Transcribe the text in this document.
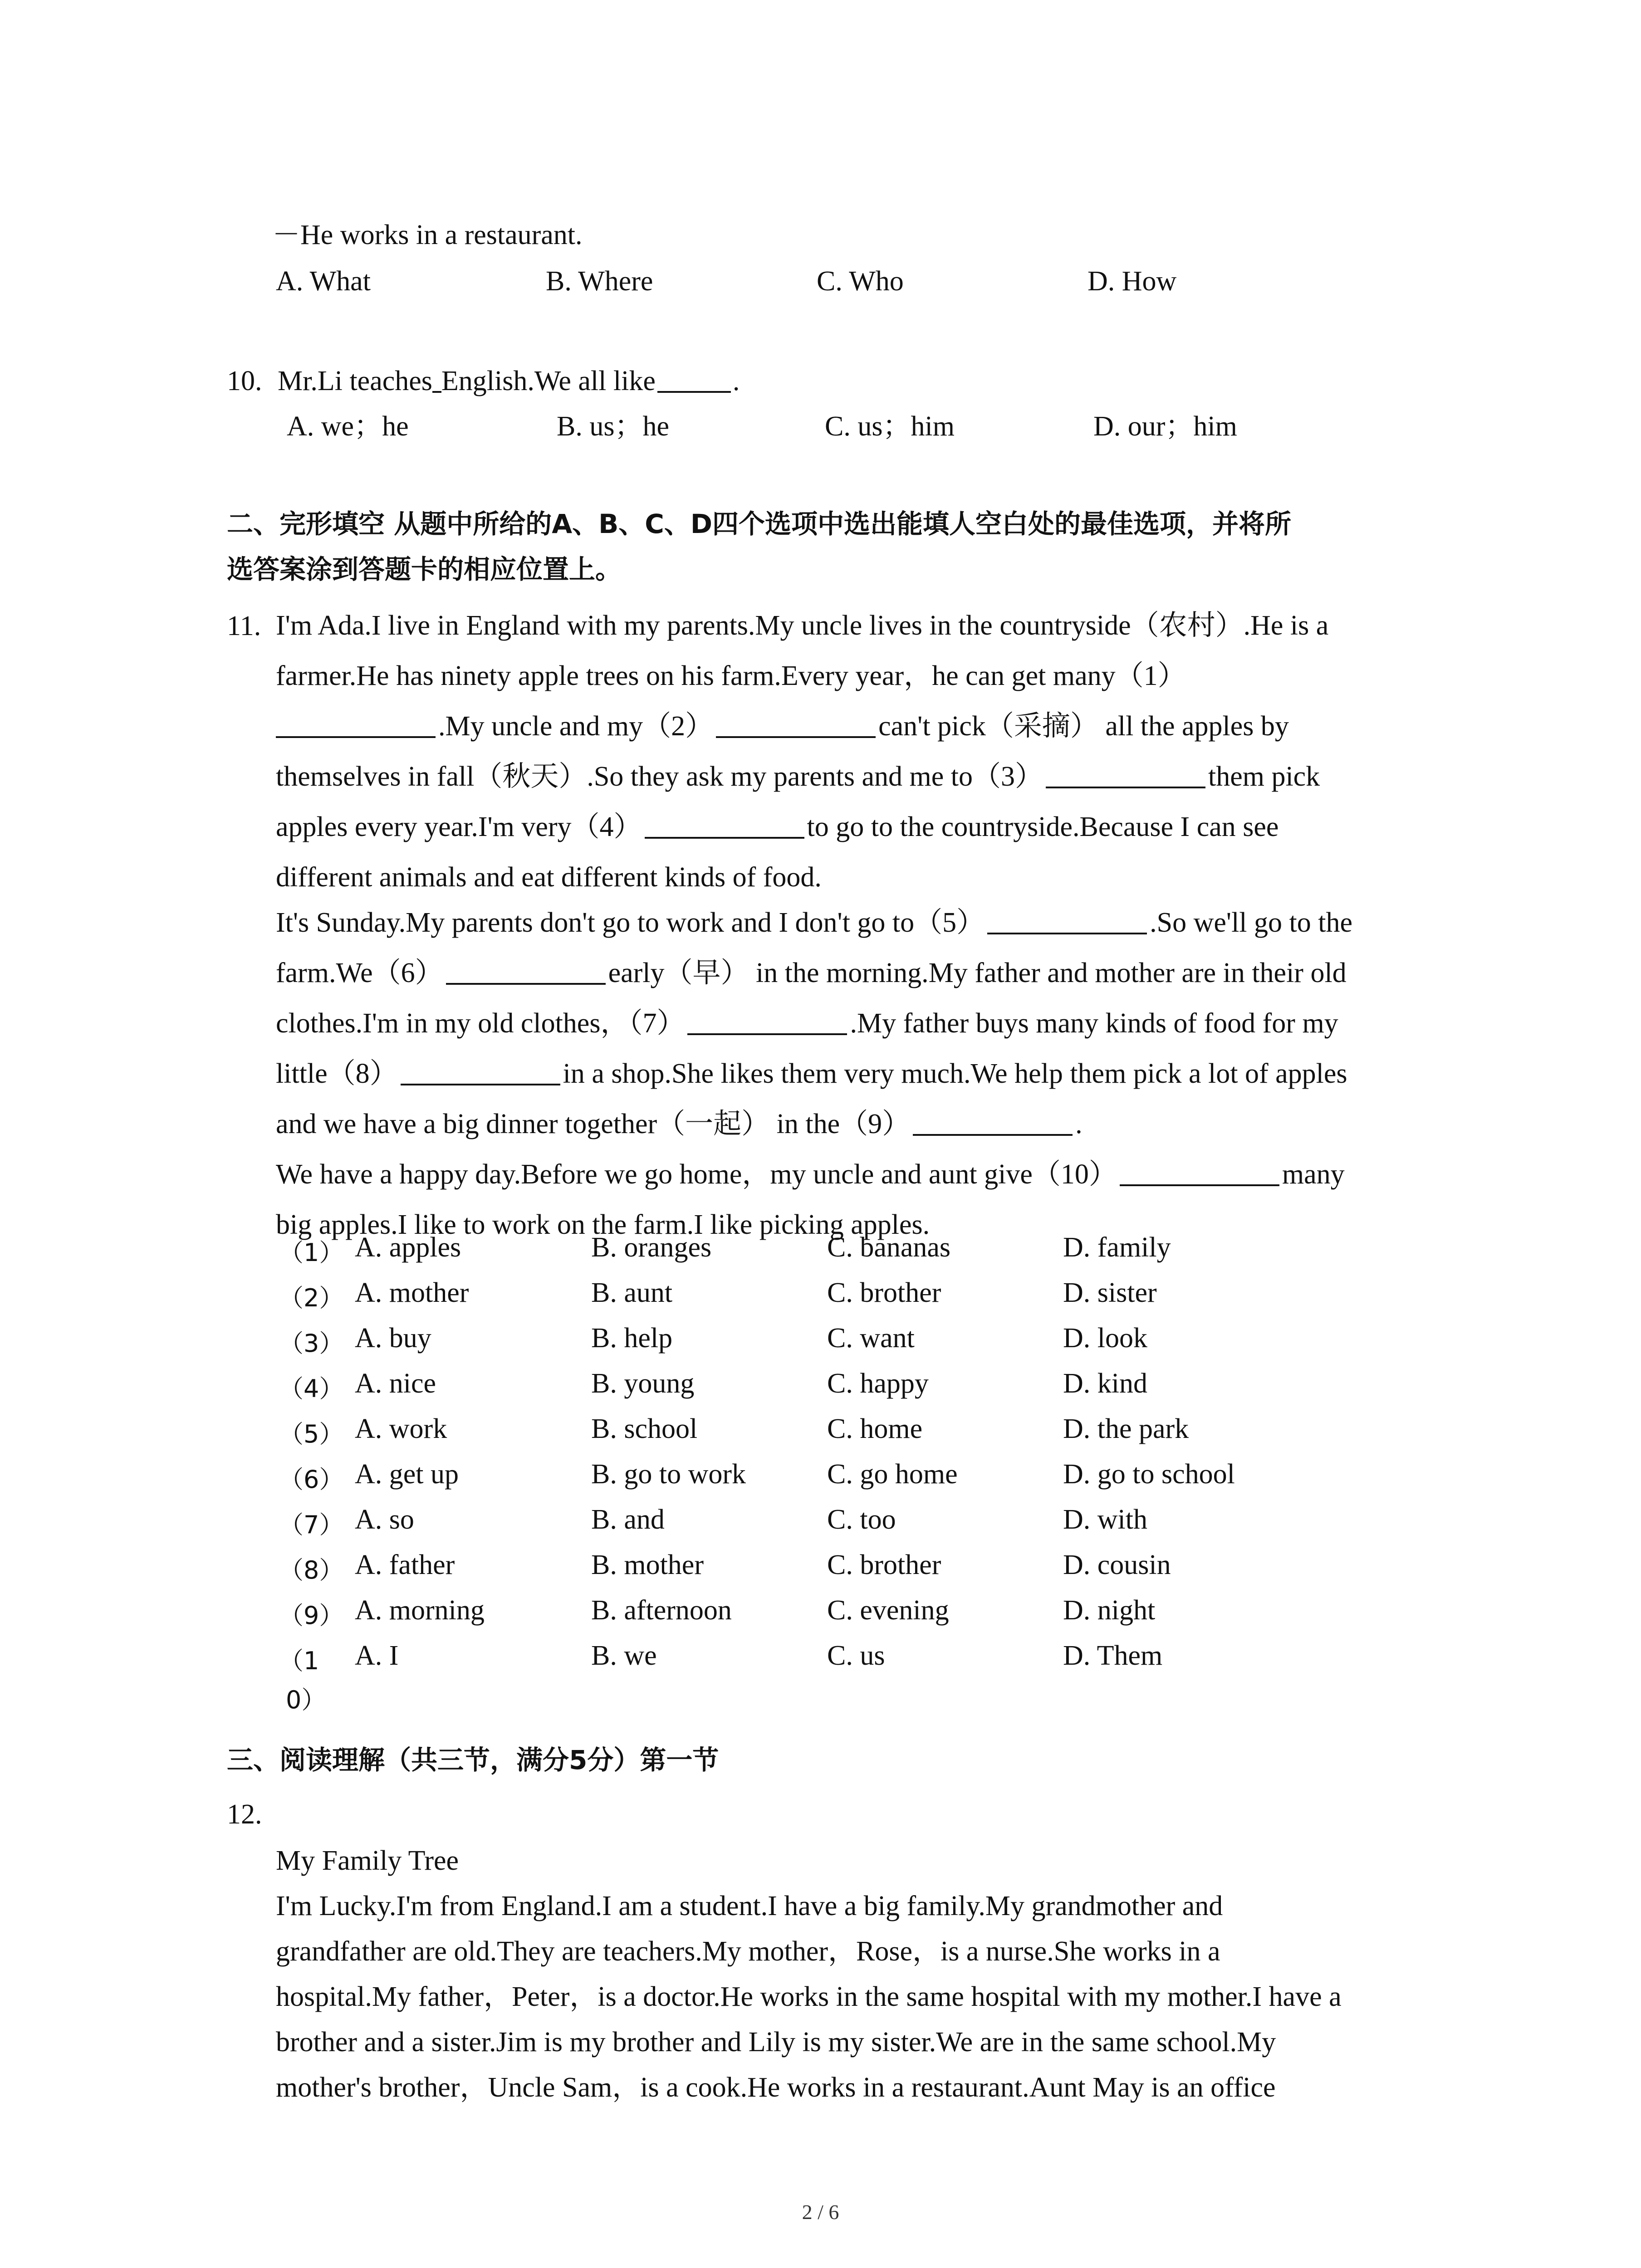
－He works in a restaurant.
A. What	B. Where	C. Who	D. How
10. Mr.Li teaches English.We all like	.
A. we；he	B. us；he	C. us；him	D. our；him
二、完形填空 从题中所给的A、B、C、D四个选项中选出能填人空白处的最佳选项，并将所
选答案涂到答题卡的相应位置上。
11. I'm Ada.I live in England with my parents.My uncle lives in the countryside（农村）.He is a
farmer.He has ninety apple trees on his farm.Every year，he can get many（1）
.My uncle and my（2）	can't pick（采摘） all the apples by
themselves in fall（秋天）.So they ask my parents and me to（3）	them pick
apples every year.I'm very（4）	to go to the countryside.Because I can see
different animals and eat different kinds of food.
It's Sunday.My parents don't go to work and I don't go to（5）	.So we'll go to the
farm.We（6）	early（早） in the morning.My father and mother are in their old
clothes.I'm in my old clothes，（7）	.My father buys many kinds of food for my
little（8）	in a shop.She likes them very much.We help them pick a lot of apples
and we have a big dinner together（一起） in the（9）	.
We have a happy day.Before we go home，my uncle and aunt give（10）	many
big apples.I like to work on the farm.I like picking apples.
（1） A. apples	B. oranges	C. bananas	D. family
（2） A. mother	B. aunt	C. brother	D. sister
（3） A. buy	B. help	C. want	D. look
（4） A. nice	B. young	C. happy	D. kind
（5） A. work	B. school	C. home	D. the park
（6） A. get up	B. go to work	C. go home	D. go to school
（7） A. so	B. and	C. too	D. with
（8） A. father	B. mother	C. brother	D. cousin
（9） A. morning	B. afternoon	C. evening	D. night
（1 A. I	B. we	C. us	D. Them
0）
三、阅读理解（共三节，满分5分）第一节
12.
My Family Tree
I'm Lucky.I'm from England.I am a student.I have a big family.My grandmother and
grandfather are old.They are teachers.My mother，Rose，is a nurse.She works in a
hospital.My father，Peter，is a doctor.He works in the same hospital with my mother.I have a
brother and a sister.Jim is my brother and Lily is my sister.We are in the same school.My
mother's brother，Uncle Sam，is a cook.He works in a restaurant.Aunt May is an office
2 / 6
